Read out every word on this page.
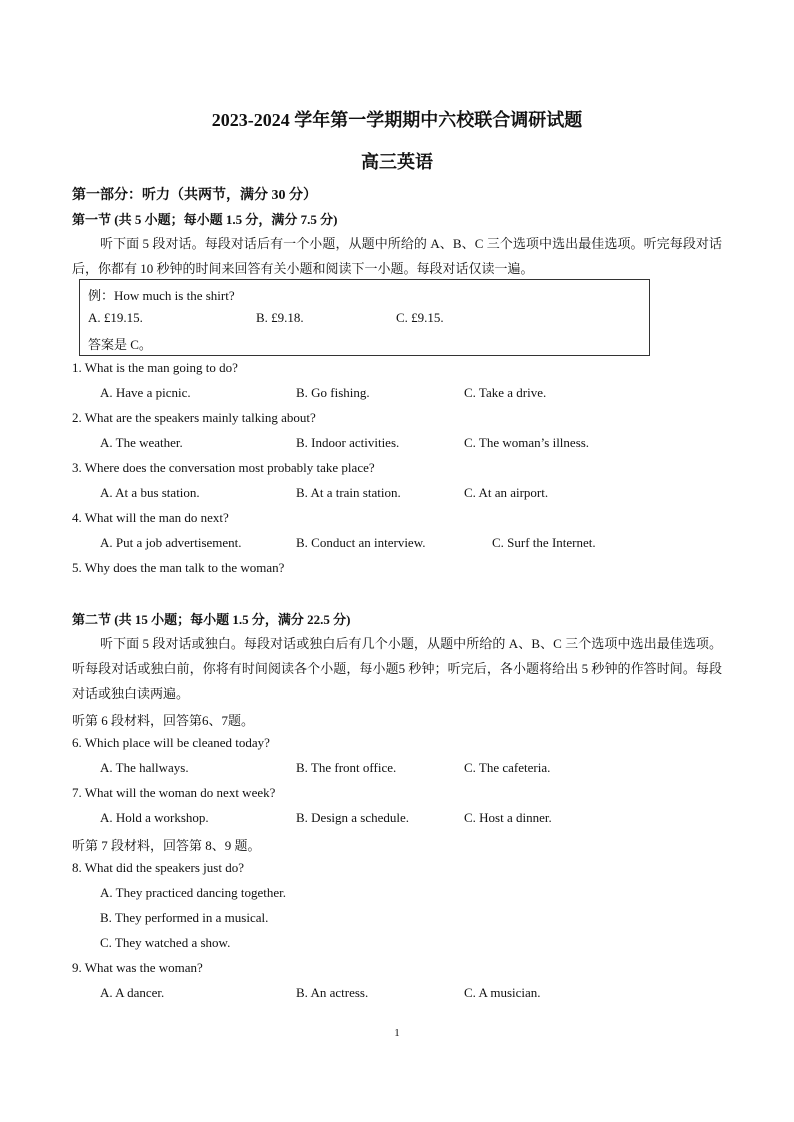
2023-2024 学年第一学期期中六校联合调研试题
高三英语
第一部分：听力（共两节，满分 30 分）
第一节 (共 5 小题；每小题 1.5 分，满分 7.5 分)
听下面 5 段对话。每段对话后有一个小题，从题中所给的 A、B、C 三个选项中选出最佳选项。听完每段对话后，你都有 10 秒钟的时间来回答有关小题和阅读下一小题。每段对话仅读一遍。
例：How much is the shirt?
A. £19.15.	B. £9.18.	C. £9.15.
答案是 C。
1. What is the man going to do?
A. Have a picnic.	B. Go fishing.	C. Take a drive.
2. What are the speakers mainly talking about?
A. The weather.	B. Indoor activities.	C. The woman’s illness.
3. Where does the conversation most probably take place?
A. At a bus station.	B. At a train station.	C. At an airport.
4. What will the man do next?
A. Put a job advertisement.	B. Conduct an interview.	C. Surf the Internet.
5. Why does the man talk to the woman?
第二节 (共 15 小题；每小题 1.5 分，满分 22.5 分)
听下面 5 段对话或独白。每段对话或独白后有几个小题，从题中所给的 A、B、C 三个选项中选出最佳选项。听每段对话或独白前，你将有时间阅读各个小题，每小题5 秒钟；听完后，各小题将给出 5 秒钟的作答时间。每段对话或独白读两遍。
听第 6 段材料，回答第6、7题。
6. Which place will be cleaned today?
A. The hallways.	B. The front office.	C. The cafeteria.
7. What will the woman do next week?
A. Hold a workshop.	B. Design a schedule.	C. Host a dinner.
听第 7 段材料，回答第 8、9 题。
8. What did the speakers just do?
A. They practiced dancing together.
B. They performed in a musical.
C. They watched a show.
9. What was the woman?
A. A dancer.	B. An actress.	C. A musician.
1
